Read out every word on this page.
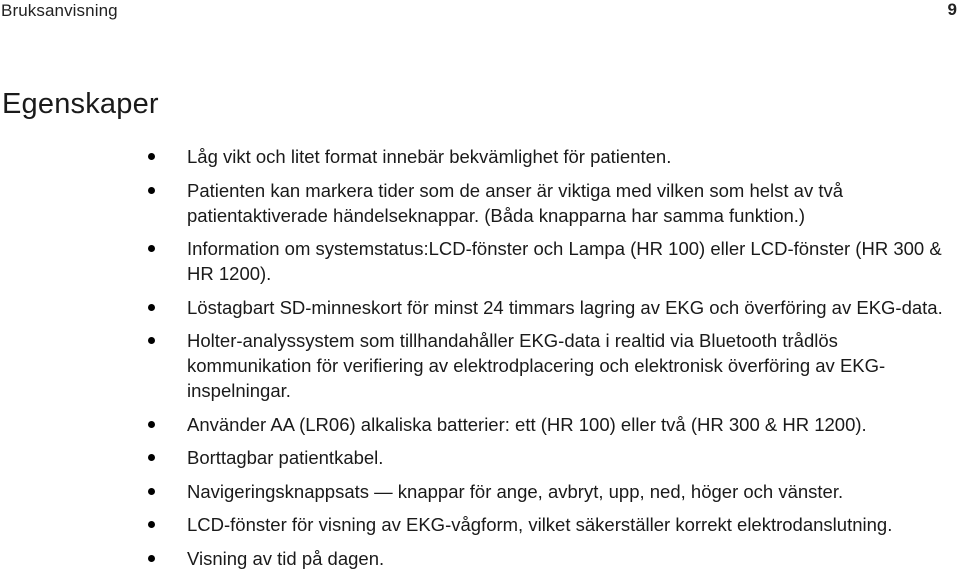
Bruksanvisning	9
Egenskaper
Låg vikt och litet format innebär bekvämlighet för patienten.
Patienten kan markera tider som de anser är viktiga med vilken som helst av två patientaktiverade händelseknappar. (Båda knapparna har samma funktion.)
Information om systemstatus:LCD-fönster och Lampa (HR 100) eller LCD-fönster (HR 300 & HR 1200).
Löstagbart SD-minneskort för minst 24 timmars lagring av EKG och överföring av EKG-data.
Holter-analyssystem som tillhandahåller EKG-data i realtid via Bluetooth trådlös kommunikation för verifiering av elektrodplacering och elektronisk överföring av EKG-inspelningar.
Använder AA (LR06) alkaliska batterier: ett (HR 100) eller två (HR 300 & HR 1200).
Borttagbar patientkabel.
Navigeringsknappsats — knappar för ange, avbryt, upp, ned, höger och vänster.
LCD-fönster för visning av EKG-vågform, vilket säkerställer korrekt elektrodanslutning.
Visning av tid på dagen.
